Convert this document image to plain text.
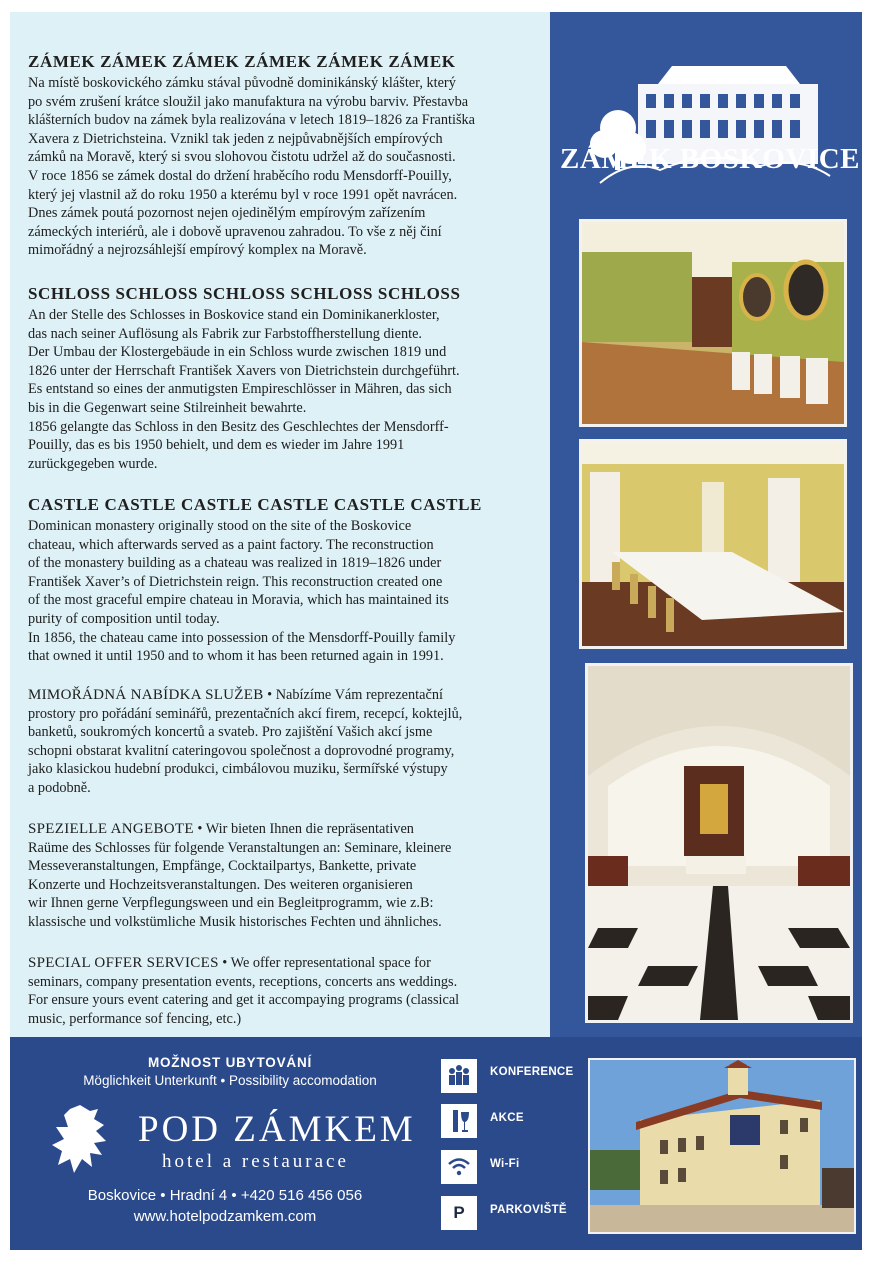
ZÁMEK ZÁMEK ZÁMEK ZÁMEK ZÁMEK ZÁMEK

Na místě boskovického zámku stával původně dominikánský klášter, který
po svém zrušení krátce sloužil jako manufaktura na výrobu barviv. Přestavba
klášterních budov na zámek byla realizována v letech 1819–1826 za Františka
Xavera z Dietrichsteina. Vznikl tak jeden z nejpůvabnějších empírových
zámků na Moravě, který si svou slohovou čistotu udržel až do současnosti.
V roce 1856 se zámek dostal do držení hraběcího rodu Mensdorff-Pouilly,
který jej vlastnil až do roku 1950 a kterému byl v roce 1991 opět navrácen.
Dnes zámek poutá pozornost nejen ojedinělým empírovým zařízením
zámeckých interiérů, ale i dobově upravenou zahradou. To vše z něj činí
mimořádný a nejrozsáhlejší empírový komplex na Moravě.

SCHLOSS SCHLOSS SCHLOSS SCHLOSS SCHLOSS

An der Stelle des Schlosses in Boskovice stand ein Dominikanerkloster,
das nach seiner Auflösung als Fabrik zur Farbstoffherstellung diente.
Der Umbau der Klostergebäude in ein Schloss wurde zwischen 1819 und
1826 unter der Herrschaft František Xavers von Dietrichstein durchgeführt.
Es entstand so eines der anmutigsten Empireschlösser in Mähren, das sich
bis in die Gegenwart seine Stilreinheit bewahrte.
1856 gelangte das Schloss in den Besitz des Geschlechtes der Mensdorff-
Pouilly, das es bis 1950 behielt, und dem es wieder im Jahre 1991
zurückgegeben wurde.

CASTLE CASTLE CASTLE CASTLE CASTLE CASTLE

Dominican monastery originally stood on the site of the Boskovice
chateau, which afterwards served as a paint factory. The reconstruction
of the monastery building as a chateau was realized in 1819–1826 under
František Xaver’s of Dietrichstein reign. This reconstruction created one
of the most graceful empire chateau in Moravia, which has maintained its
purity of composition until today.
In 1856, the chateau came into possession of the Mensdorff-Pouilly family
that owned it until 1950 and to whom it has been returned again in 1991.

MIMOŘÁDNÁ NABÍDKA SLUŽEB • Nabízíme Vám reprezentační
prostory pro pořádání seminářů, prezentačních akcí firem, recepcí, koktejlů,
banketů, soukromých koncertů a svateb. Pro zajištění Vašich akcí jsme
schopni obstarat kvalitní cateringovou společnost a doprovodné programy,
jako klasickou hudební produkci, cimbálovou muziku, šermířské výstupy
a podobně.

SPEZIELLE ANGEBOTE • Wir bieten Ihnen die repräsentativen
Raüme des Schlosses für folgende Veranstaltungen an: Seminare, kleinere
Messeveranstaltungen, Empfänge, Cocktailpartys, Bankette, private
Konzerte und Hochzeitsveranstaltungen. Des weiteren organisieren
wir Ihnen gerne Verpflegungsween und ein Begleitprogramm, wie z.B:
klassische und volkstümliche Musik historisches Fechten und ähnliches.

SPECIAL OFFER SERVICES • We offer representational space for
seminars, company presentation events, receptions, concerts ans weddings.
For ensure yours event catering and get it accompaying programs (classical
music, performance sof fencing, etc.)

ZÁMEK BOSKOVICE
MOŽNOST UBYTOVÁNÍ
Möglichkeit Unterkunft • Possibility accomodation
POD ZÁMKEM
hotel a restaurace
Boskovice • Hradní 4 • +420 516 456 056
www.hotelpodzamkem.com
KONFERENCE
AKCE
Wi-Fi
P	PARKOVIŠTĚ
